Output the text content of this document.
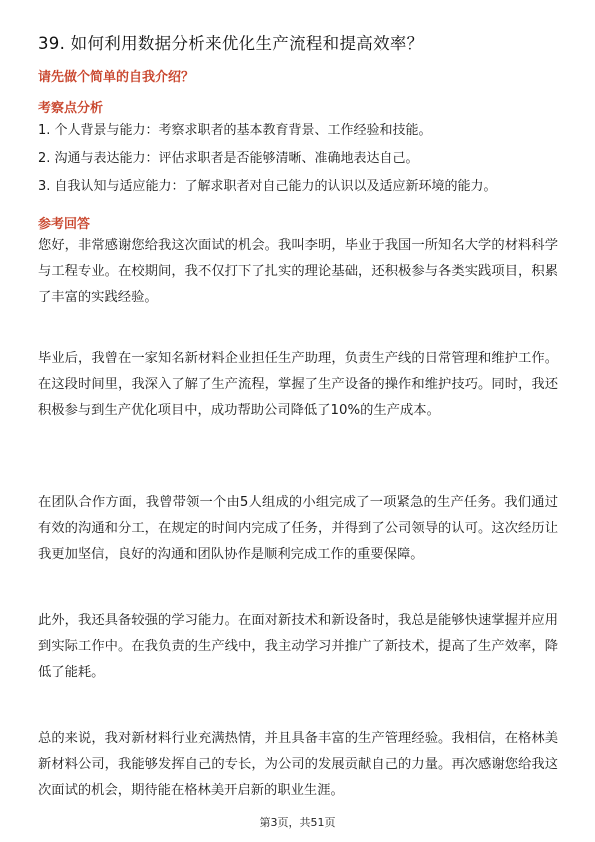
39. 如何利用数据分析来优化生产流程和提高效率？
请先做个简单的自我介绍？
考察点分析
1. 个人背景与能力：考察求职者的基本教育背景、工作经验和技能。
2. 沟通与表达能力：评估求职者是否能够清晰、准确地表达自己。
3. 自我认知与适应能力：了解求职者对自己能力的认识以及适应新环境的能力。
参考回答

您好，非常感谢您给我这次面试的机会。我叫李明，毕业于我国一所知名大学的材料科学与工程专业。在校期间，我不仅打下了扎实的理论基础，还积极参与各类实践项目，积累了丰富的实践经验。

毕业后，我曾在一家知名新材料企业担任生产助理，负责生产线的日常管理和维护工作。在这段时间里，我深入了解了生产流程，掌握了生产设备的操作和维护技巧。同时，我还积极参与到生产优化项目中，成功帮助公司降低了10%的生产成本。

在团队合作方面，我曾带领一个由5人组成的小组完成了一项紧急的生产任务。我们通过有效的沟通和分工，在规定的时间内完成了任务，并得到了公司领导的认可。这次经历让我更加坚信，良好的沟通和团队协作是顺利完成工作的重要保障。

此外，我还具备较强的学习能力。在面对新技术和新设备时，我总是能够快速掌握并应用到实际工作中。在我负责的生产线中，我主动学习并推广了新技术，提高了生产效率，降低了能耗。

总的来说，我对新材料行业充满热情，并且具备丰富的生产管理经验。我相信，在格林美新材料公司，我能够发挥自己的专长，为公司的发展贡献自己的力量。再次感谢您给我这次面试的机会，期待能在格林美开启新的职业生涯。

第3页，共51页
